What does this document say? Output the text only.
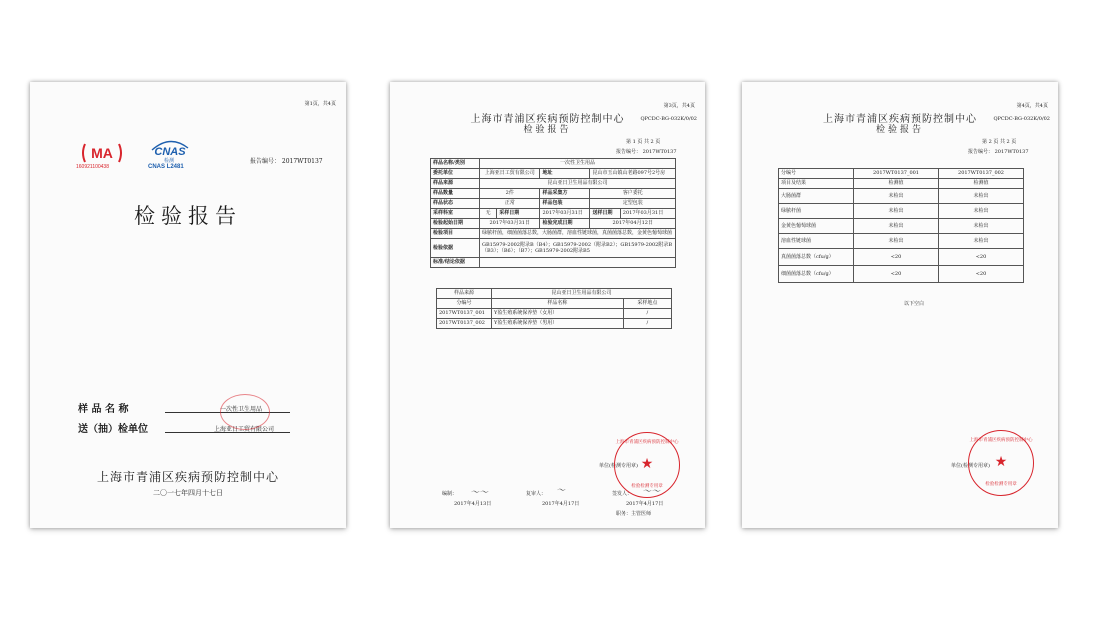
第1页，共4页
MA
160921100438
CNAS
检测
CNAS L2481
报告编号： 2017WT0137
检验报告
样 品 名 称	一次性卫生用品
送（抽）检单位	上海亚日工贸有限公司
上海市青浦区疾病预防控制中心
二〇一七年四月十七日
第3页，共4页
上海市青浦区疾病预防控制中心
检验报告
QPCDC-BG-032K/0/02
第 1 页 共 2 页
报告编号： 2017WT0137
样品名称/类别	一次性卫生用品				
委托单位	上海亚日工贸有限公司		地址	昆山市玉山镇山老路097号2号房	
样品来源	昆山亚日卫生用品有限公司				
样品数量	2件		样品采集方	客户委托	
样品状态	正常		样品包装	定型包装	
采样科室	无	采样日期	2017年03月31日	送样日期	2017年03月31日
检验起始日期	2017年03月31日		检验完成日期	2017年04月12日	
检验项目	绿脓杆菌，细菌菌落总数，大肠菌群，溶血性链球菌，真菌菌落总数，金黄色葡萄球菌				
检验依据	GB15979-2002附录B（B4）；GB15979-2002（附录B2）；GB15979-2002附录B（B3）；（B6）；（B7）；GB15979-2002附录B5				
标准/结论依据					
样品来源	昆山亚日卫生用品有限公司	
分编号	样品名称	采样地点
2017WT0137_001	Y盈生殖系统保养垫（女用）	/
2017WT0137_002	Y盈生殖系统保养垫（男用）	/
单位(检测专用章)
上海市青浦区疾病预防控制中心
★
检验检测专用章
编制： 〜〜
2017年4月13日
复审人： 〜
2017年4月17日
签发人： 〜〜
2017年4月17日
职务：主管医师
第4页，共4页
上海市青浦区疾病预防控制中心
检验报告
QPCDC-BG-032K/0/02
第 2 页 共 2 页
报告编号： 2017WT0137
分编号	2017WT0137_001	2017WT0137_002
项目及结果	检测值	检测值
大肠菌群	未检出	未检出
绿脓杆菌	未检出	未检出
金黄色葡萄球菌	未检出	未检出
溶血性链球菌	未检出	未检出
真菌菌落总数（cfu/g）	<20	<20
细菌菌落总数（cfu/g）	<20	<20
以下空白
单位(检测专用章)
上海市青浦区疾病预防控制中心
★
检验检测专用章
